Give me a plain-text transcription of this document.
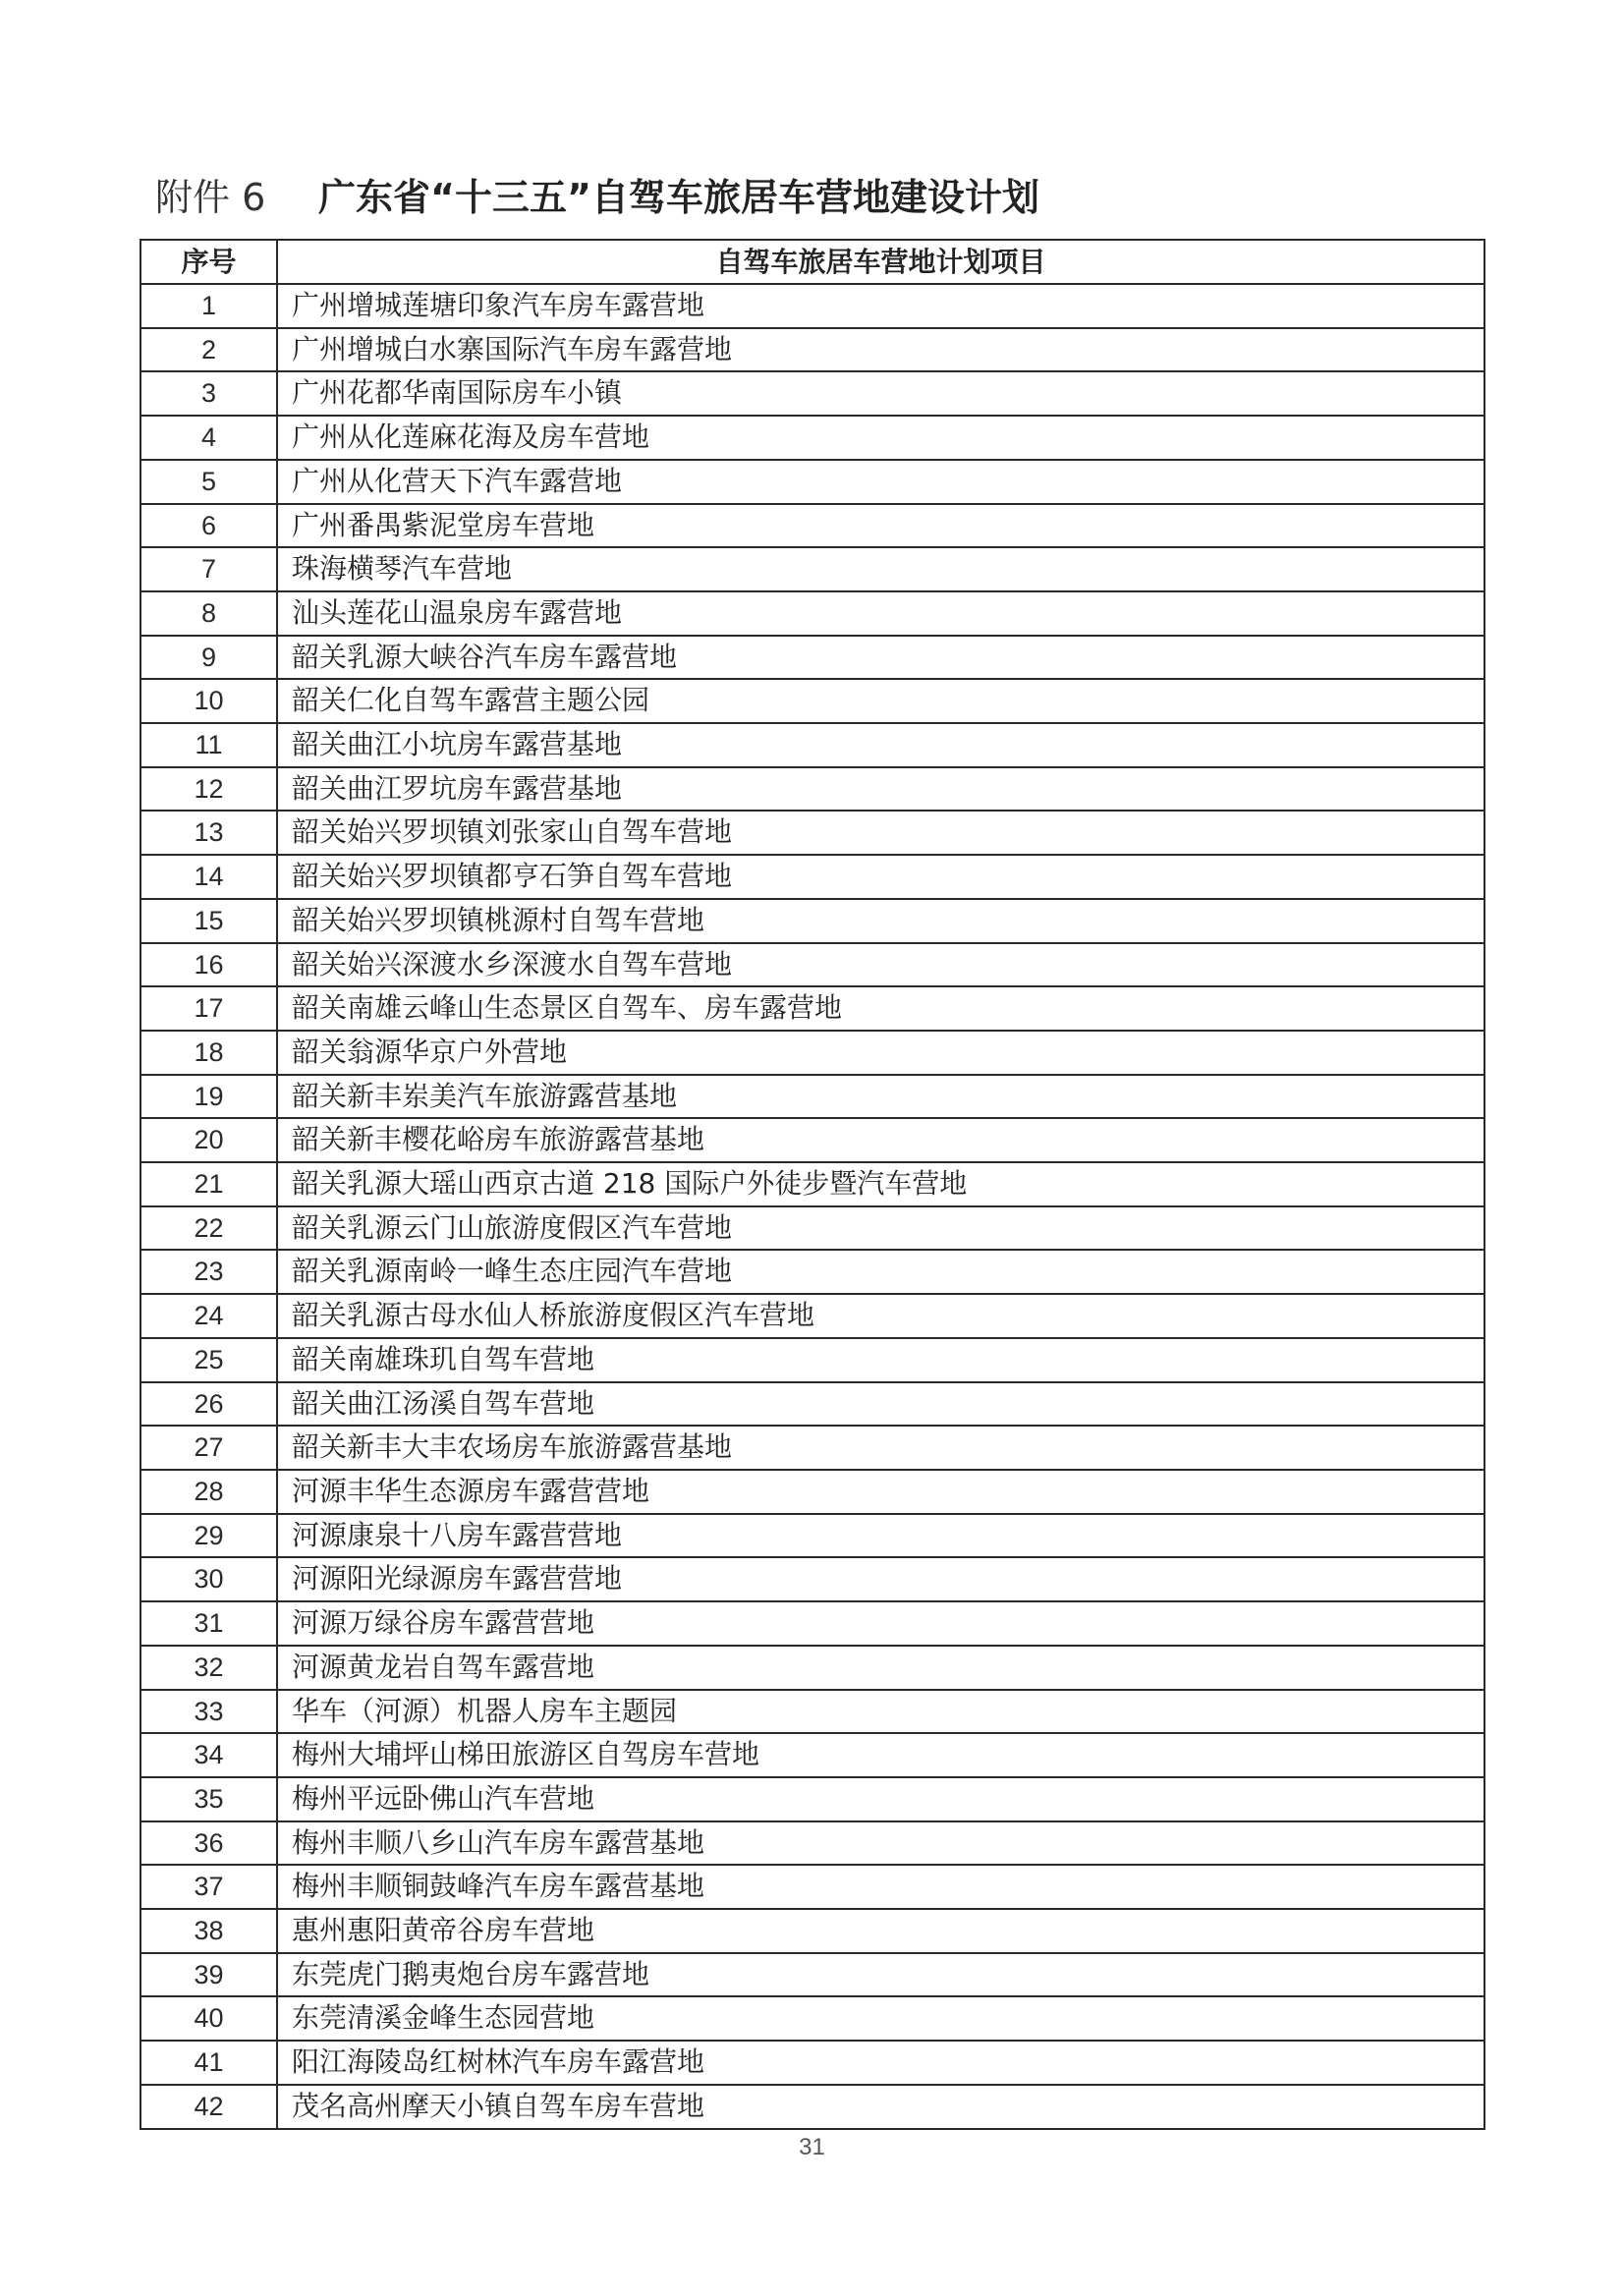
附件 6 广东省“十三五”自驾车旅居车营地建设计划
序号	自驾车旅居车营地计划项目
1	广州增城莲塘印象汽车房车露营地
2	广州增城白水寨国际汽车房车露营地
3	广州花都华南国际房车小镇
4	广州从化莲麻花海及房车营地
5	广州从化营天下汽车露营地
6	广州番禺紫泥堂房车营地
7	珠海横琴汽车营地
8	汕头莲花山温泉房车露营地
9	韶关乳源大峡谷汽车房车露营地
10	韶关仁化自驾车露营主题公园
11	韶关曲江小坑房车露营基地
12	韶关曲江罗坑房车露营基地
13	韶关始兴罗坝镇刘张家山自驾车营地
14	韶关始兴罗坝镇都亨石笋自驾车营地
15	韶关始兴罗坝镇桃源村自驾车营地
16	韶关始兴深渡水乡深渡水自驾车营地
17	韶关南雄云峰山生态景区自驾车、房车露营地
18	韶关翁源华京户外营地
19	韶关新丰岽美汽车旅游露营基地
20	韶关新丰樱花峪房车旅游露营基地
21	韶关乳源大瑶山西京古道 218 国际户外徒步暨汽车营地
22	韶关乳源云门山旅游度假区汽车营地
23	韶关乳源南岭一峰生态庄园汽车营地
24	韶关乳源古母水仙人桥旅游度假区汽车营地
25	韶关南雄珠玑自驾车营地
26	韶关曲江汤溪自驾车营地
27	韶关新丰大丰农场房车旅游露营基地
28	河源丰华生态源房车露营营地
29	河源康泉十八房车露营营地
30	河源阳光绿源房车露营营地
31	河源万绿谷房车露营营地
32	河源黄龙岩自驾车露营地
33	华车（河源）机器人房车主题园
34	梅州大埔坪山梯田旅游区自驾房车营地
35	梅州平远卧佛山汽车营地
36	梅州丰顺八乡山汽车房车露营基地
37	梅州丰顺铜鼓峰汽车房车露营基地
38	惠州惠阳黄帝谷房车营地
39	东莞虎门鹅夷炮台房车露营地
40	东莞清溪金峰生态园营地
41	阳江海陵岛红树林汽车房车露营地
42	茂名高州摩天小镇自驾车房车营地
31
